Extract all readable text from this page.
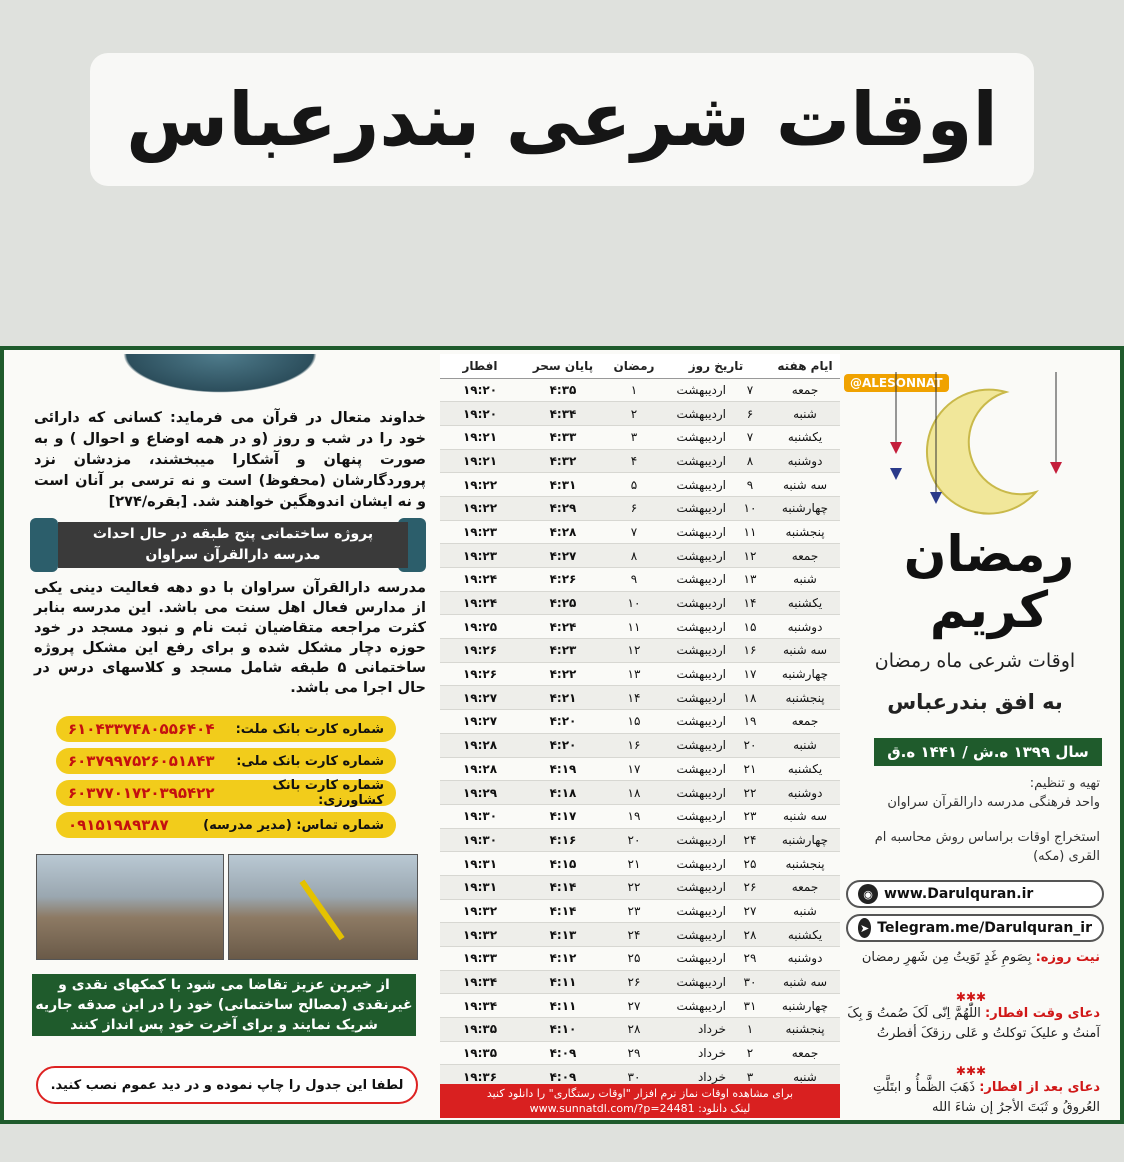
اوقات شرعی بندرعباس
@ALESONNAT
رمضان
کریم
اوقات شرعی ماه رمضان
به افق بندرعباس
سال ۱۳۹۹ ه.ش / ۱۴۴۱ ه.ق
تهیه و تنظیم:
واحد فرهنگی مدرسه دارالقرآن سراوان
استخراج اوقات براساس روش محاسبه ام القری (مکه)
◉ www.Darulquran.ir
➤ Telegram.me/Darulquran_ir
نیت روزه: بِصَومِ غَدٍ نَوَیتُ مِن شَهرِ رمضان
✱✱✱
دعای وقت افطار: اللّٰهُمَّ اِنّی لَکَ صُمتُ وَ بِکَ آمنتُ و علیکَ توکلتُ و عَلی رزقکَ أفطرتُ
✱✱✱
دعای بعد از افطار: ذَهَبَ الظَّمأُ و ابتَلَّتِ العُروقُ و ثَبَتَ الأجرُ إن شاءَ الله
ایام هفته	تاریخ روز		رمضان	پایان سحر	افطار
جمعه	۷	اردیبهشت	۱	۴:۳۵	۱۹:۲۰
شنبه	۶	اردیبهشت	۲	۴:۳۴	۱۹:۲۰
یکشنبه	۷	اردیبهشت	۳	۴:۳۳	۱۹:۲۱
دوشنبه	۸	اردیبهشت	۴	۴:۳۲	۱۹:۲۱
سه شنبه	۹	اردیبهشت	۵	۴:۳۱	۱۹:۲۲
چهارشنبه	۱۰	اردیبهشت	۶	۴:۲۹	۱۹:۲۲
پنجشنبه	۱۱	اردیبهشت	۷	۴:۲۸	۱۹:۲۳
جمعه	۱۲	اردیبهشت	۸	۴:۲۷	۱۹:۲۳
شنبه	۱۳	اردیبهشت	۹	۴:۲۶	۱۹:۲۴
یکشنبه	۱۴	اردیبهشت	۱۰	۴:۲۵	۱۹:۲۴
دوشنبه	۱۵	اردیبهشت	۱۱	۴:۲۴	۱۹:۲۵
سه شنبه	۱۶	اردیبهشت	۱۲	۴:۲۳	۱۹:۲۶
چهارشنبه	۱۷	اردیبهشت	۱۳	۴:۲۲	۱۹:۲۶
پنجشنبه	۱۸	اردیبهشت	۱۴	۴:۲۱	۱۹:۲۷
جمعه	۱۹	اردیبهشت	۱۵	۴:۲۰	۱۹:۲۷
شنبه	۲۰	اردیبهشت	۱۶	۴:۲۰	۱۹:۲۸
یکشنبه	۲۱	اردیبهشت	۱۷	۴:۱۹	۱۹:۲۸
دوشنبه	۲۲	اردیبهشت	۱۸	۴:۱۸	۱۹:۲۹
سه شنبه	۲۳	اردیبهشت	۱۹	۴:۱۷	۱۹:۳۰
چهارشنبه	۲۴	اردیبهشت	۲۰	۴:۱۶	۱۹:۳۰
پنجشنبه	۲۵	اردیبهشت	۲۱	۴:۱۵	۱۹:۳۱
جمعه	۲۶	اردیبهشت	۲۲	۴:۱۴	۱۹:۳۱
شنبه	۲۷	اردیبهشت	۲۳	۴:۱۴	۱۹:۳۲
یکشنبه	۲۸	اردیبهشت	۲۴	۴:۱۳	۱۹:۳۲
دوشنبه	۲۹	اردیبهشت	۲۵	۴:۱۲	۱۹:۳۳
سه شنبه	۳۰	اردیبهشت	۲۶	۴:۱۱	۱۹:۳۴
چهارشنبه	۳۱	اردیبهشت	۲۷	۴:۱۱	۱۹:۳۴
پنجشنبه	۱	خرداد	۲۸	۴:۱۰	۱۹:۳۵
جمعه	۲	خرداد	۲۹	۴:۰۹	۱۹:۳۵
شنبه	۳	خرداد	۳۰	۴:۰۹	۱۹:۳۶
برای مشاهده اوقات نماز نرم افزار "اوقات رستگاری" را دانلود کنید
لینک دانلود: www.sunnatdl.com/?p=24481
خداوند متعال در قرآن می فرماید: کسانی که دارائی خود را در شب و روز (و در همه اوضاع و احوال ) و به صورت پنهان و آشکارا میبخشند، مزدشان نزد پروردگارشان (محفوظ) است و نه ترسی بر آنان است و نه ایشان اندوهگین خواهند شد. [بقره/۲۷۴]
پروژه ساختمانی پنج طبقه در حال احداث
مدرسه دارالقرآن سراوان
مدرسه دارالقرآن سراوان با دو دهه فعالیت دینی یکی از مدارس فعال اهل سنت می باشد. این مدرسه بنابر کثرت مراجعه متقاضیان ثبت نام و نبود مسجد در خود حوزه دچار مشکل شده و برای رفع این مشکل پروژه ساختمانی ۵ طبقه شامل مسجد و کلاسهای درس در حال اجرا می باشد.
شماره کارت بانک ملت:
۶۱۰۴۳۳۷۴۸۰۵۵۶۴۰۴
شماره کارت بانک ملی:
۶۰۳۷۹۹۷۵۲۶۰۵۱۸۴۳
شماره کارت بانک کشاورزی:
۶۰۳۷۷۰۱۷۲۰۳۹۵۴۲۲
شماره تماس: (مدیر مدرسه)
۰۹۱۵۱۹۸۹۳۸۷
از خیرین عزیز تقاضا می شود با کمکهای نقدی و غیرنقدی (مصالح ساختمانی) خود را در این صدقه جاریه شریک نمایند و برای آخرت خود پس انداز کنند
لطفا این جدول را چاپ نموده و در دید عموم نصب کنید.
